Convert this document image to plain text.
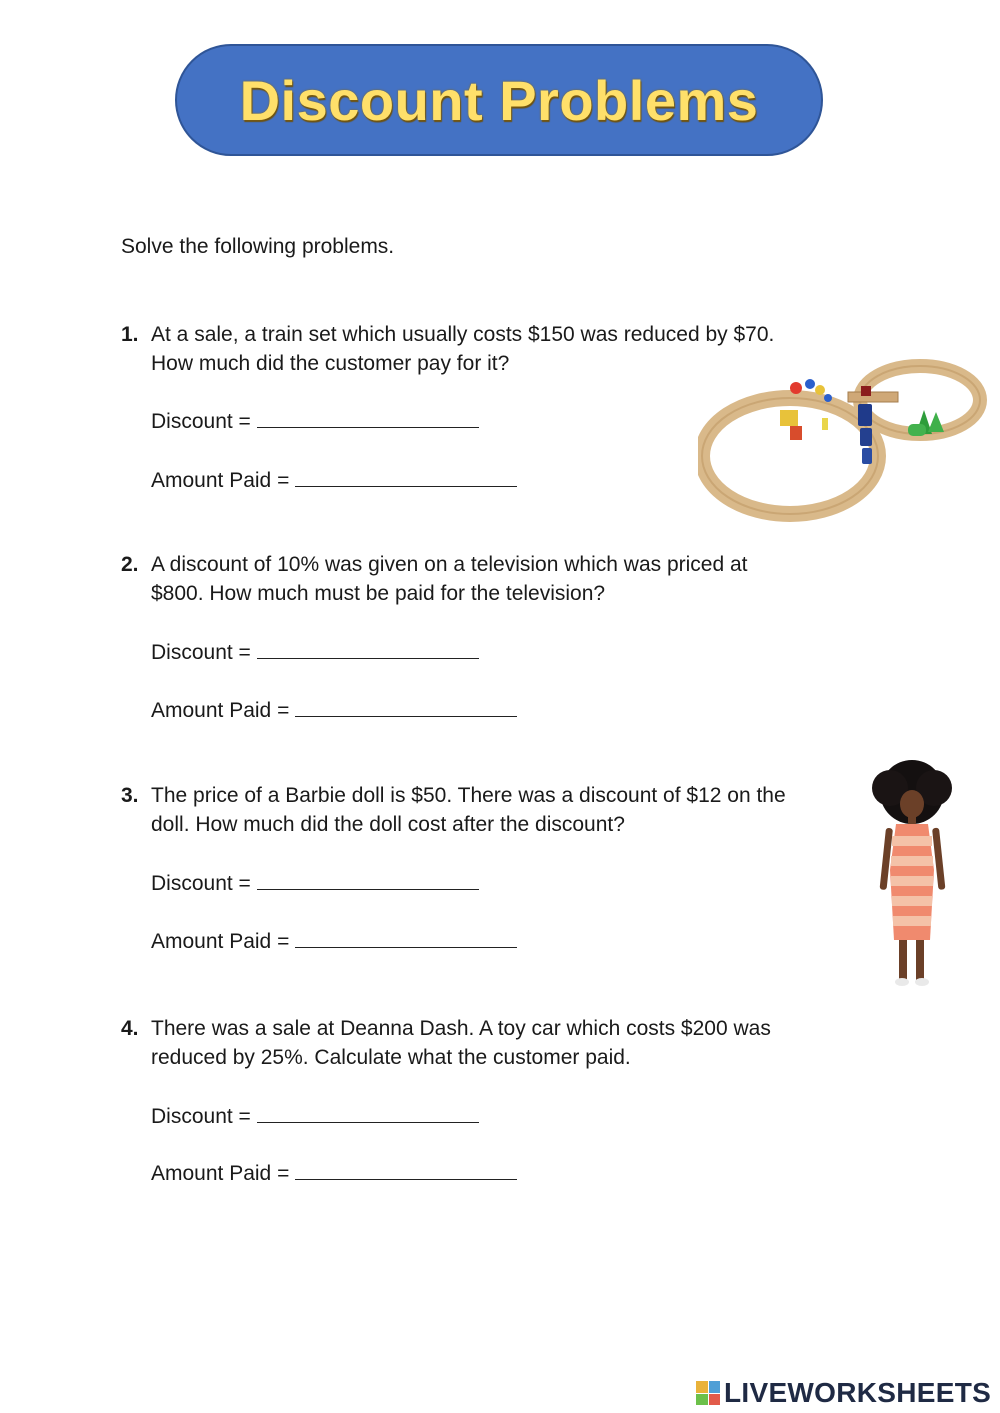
Discount Problems
Solve the following problems.
1. At a sale, a train set which usually costs $150 was reduced by $70.
How much did the customer pay for it?
Discount =
Amount Paid =
2. A discount of 10% was given on a television which was priced at
$800. How much must be paid for the television?
Discount =
Amount Paid =
3. The price of a Barbie doll is $50. There was a discount of $12 on the
doll. How much did the doll cost after the discount?
Discount =
Amount Paid =
4. There was a sale at Deanna Dash. A toy car which costs $200 was
reduced by 25%. Calculate what the customer paid.
Discount =
Amount Paid =
LIVEWORKSHEETS
